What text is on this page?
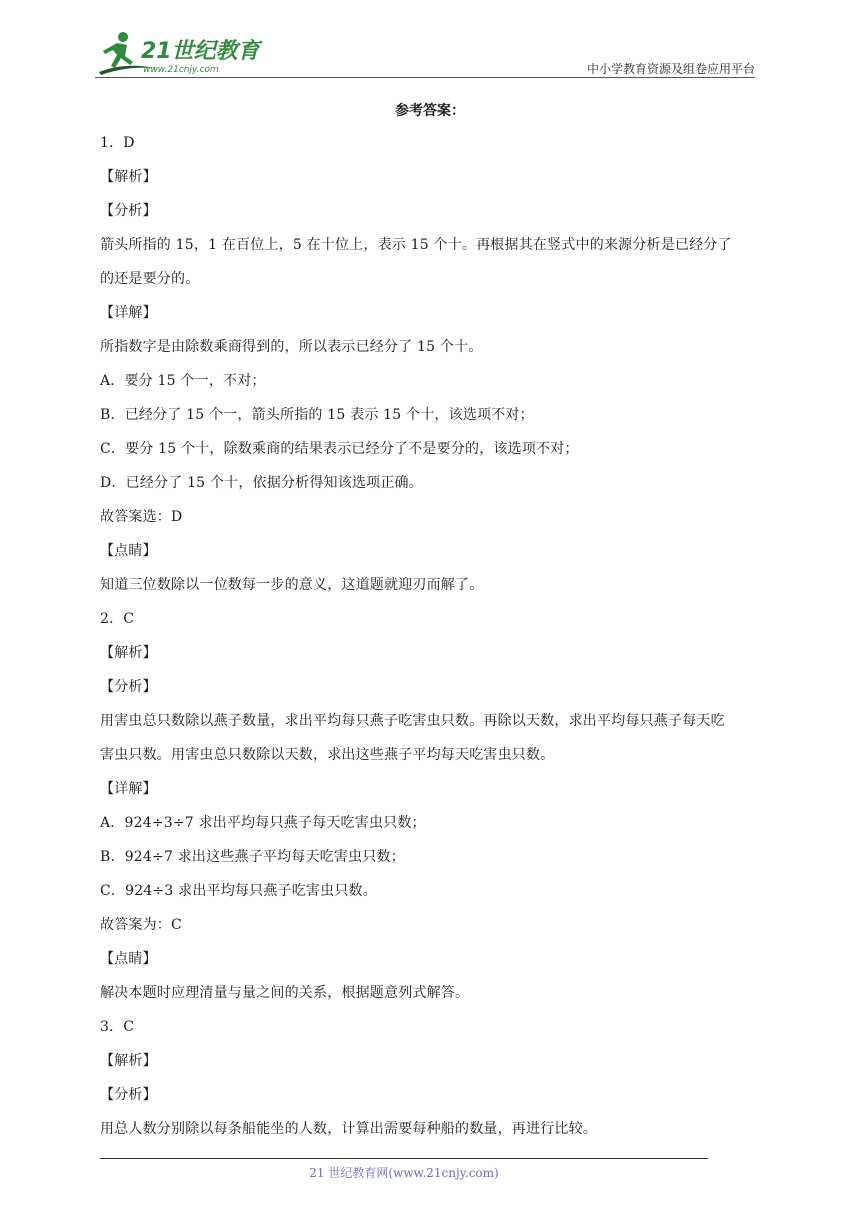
21世纪教育
www.21cnjy.com	中小学教育资源及组卷应用平台
参考答案：
1．D
【解析】
【分析】
箭头所指的 15，1 在百位上，5 在十位上，表示 15 个十。再根据其在竖式中的来源分析是已经分了
的还是要分的。
【详解】
所指数字是由除数乘商得到的，所以表示已经分了 15 个十。
A．要分 15 个一，不对；
B．已经分了 15 个一，箭头所指的 15 表示 15 个十，该选项不对；
C．要分 15 个十，除数乘商的结果表示已经分了不是要分的，该选项不对；
D．已经分了 15 个十，依据分析得知该选项正确。
故答案选：D
【点睛】
知道三位数除以一位数每一步的意义，这道题就迎刃而解了。
2．C
【解析】
【分析】
用害虫总只数除以燕子数量，求出平均每只燕子吃害虫只数。再除以天数，求出平均每只燕子每天吃
害虫只数。用害虫总只数除以天数，求出这些燕子平均每天吃害虫只数。
【详解】
A．924÷3÷7 求出平均每只燕子每天吃害虫只数；
B．924÷7 求出这些燕子平均每天吃害虫只数；
C．924÷3 求出平均每只燕子吃害虫只数。
故答案为：C
【点睛】
解决本题时应理清量与量之间的关系，根据题意列式解答。
3．C
【解析】
【分析】
用总人数分别除以每条船能坐的人数，计算出需要每种船的数量，再进行比较。
21 世纪教育网(www.21cnjy.com)
